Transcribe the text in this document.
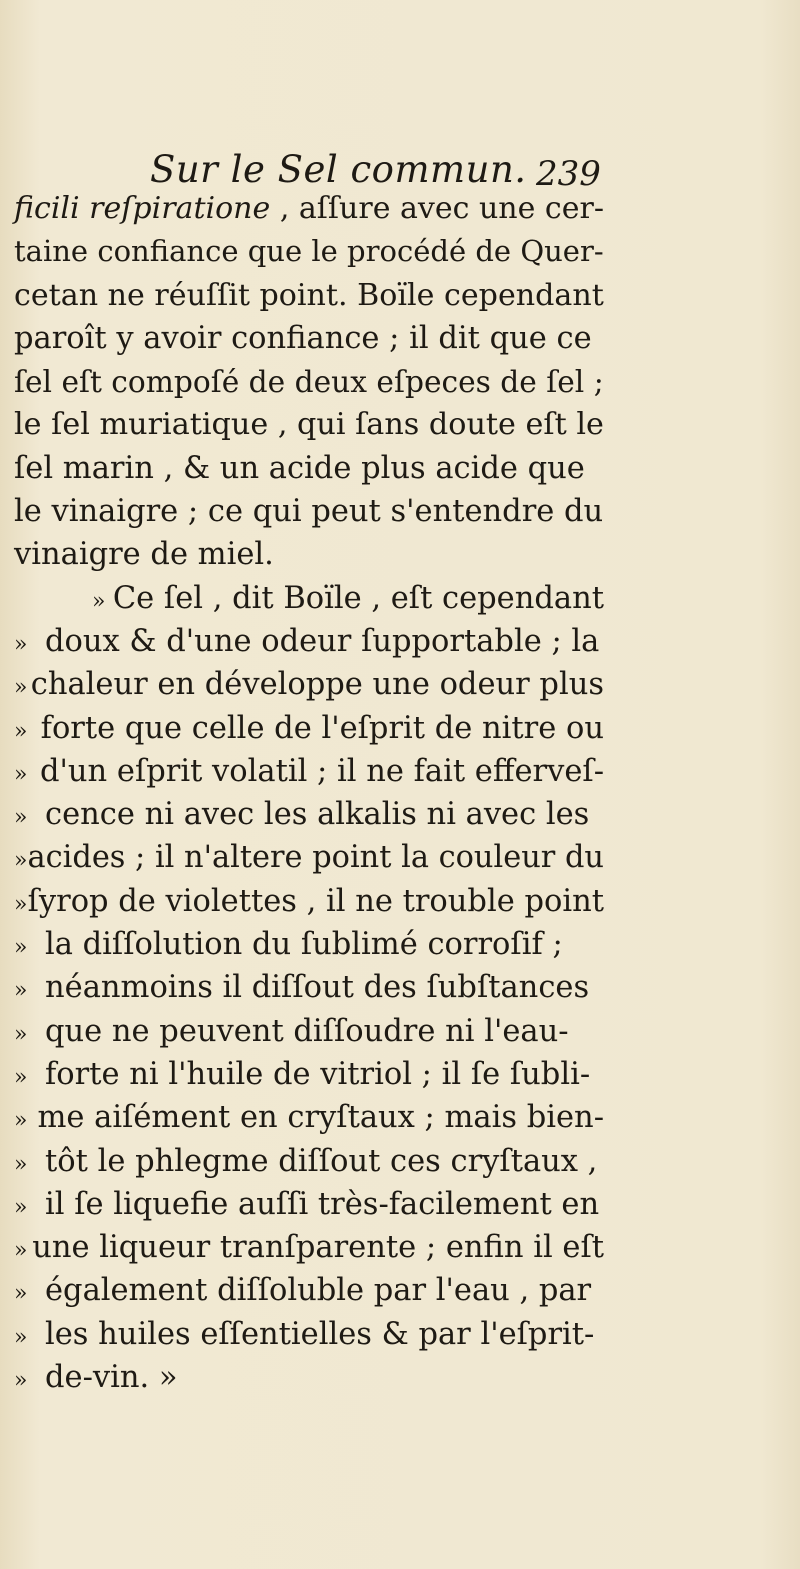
Sur le Sel commun. 239
ficili reſpiratione , aſſure avec une cer-
taine confiance que le procédé de Quer-
cetan ne réuſſit point. Boïle cependant
paroît y avoir confiance ; il dit que ce
ſel eſt compoſé de deux eſpeces de ſel ;
le ſel muriatique , qui ſans doute eſt le
ſel marin , & un acide plus acide que
le vinaigre ; ce qui peut s'entendre du
vinaigre de miel.
» Ce ſel , dit Boïle , eſt cependant
» doux & d'une odeur ſupportable ; la
» chaleur en développe une odeur plus
» forte que celle de l'eſprit de nitre ou
» d'un eſprit volatil ; il ne fait efferveſ-
» cence ni avec les alkalis ni avec les
» acides ; il n'altere point la couleur du
» ſyrop de violettes , il ne trouble point
» la diſſolution du ſublimé corroſif ;
» néanmoins il diſſout des ſubſtances
» que ne peuvent diſſoudre ni l'eau-
» forte ni l'huile de vitriol ; il ſe ſubli-
» me aiſément en cryſtaux ; mais bien-
» tôt le phlegme diſſout ces cryſtaux ,
» il ſe liquefie auſſi très-facilement en
» une liqueur tranſparente ; enfin il eſt
» également diſſoluble par l'eau , par
» les huiles eſſentielles & par l'eſprit-
» de-vin. »
